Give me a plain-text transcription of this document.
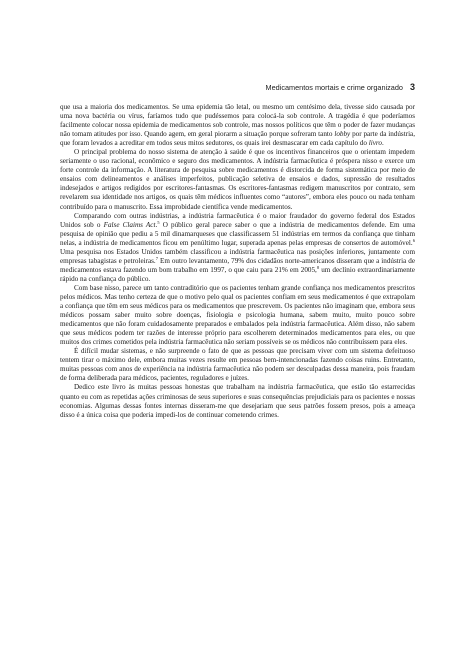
Medicamentos mortais e crime organizado 3

que usa a maioria dos medicamentos. Se uma epidemia tão letal, ou mesmo um centésimo dela, tivesse sido causada por uma nova bactéria ou vírus, faríamos tudo que pudéssemos para colocá-la sob controle. A tragédia é que poderíamos facilmente colocar nossa epidemia de medicamentos sob controle, mas nossos políticos que têm o poder de fazer mudanças não tomam atitudes por isso. Quando agem, em geral piorarm a situação porque sofreram tanto lobby por parte da indústria, que foram levados a acreditar em todos seus mitos sedutores, os quais irei desmascarar em cada capítulo do livro.

O principal problema do nosso sistema de atenção à saúde é que os incentivos financeiros que o orientam impedem seriamente o uso racional, econômico e seguro dos medicamentos. A indústria farmacêutica é próspera nisso e exerce um forte controle da informação. A literatura de pesquisa sobre medicamentos é distorcida de forma sistemática por meio de ensaios com delineamentos e análises imperfeitos, publicação seletiva de ensaios e dados, supressão de resultados indesejados e artigos redigidos por escritores-fantasmas. Os escritores-fantasmas redigem manuscritos por contrato, sem revelarem sua identidade nos artigos, os quais têm médicos influentes como “autores”, embora eles pouco ou nada tenham contribuído para o manuscrito. Essa improbidade científica vende medicamentos.

Comparando com outras indústrias, a indústria farmacêutica é o maior fraudador do governo federal dos Estados Unidos sob o False Claims Act.$^5$ O público geral parece saber o que a indústria de medicamentos defende. Em uma pesquisa de opinião que pediu a 5 mil dinamarqueses que classificassem 51 indústrias em termos da confiança que tinham nelas, a indústria de medicamentos ficou em penúltimo lugar, superada apenas pelas empresas de consertos de automóvel.$^6$ Uma pesquisa nos Estados Unidos também classificou a indústria farmacêutica nas posições inferiores, juntamente com empresas tabagistas e petroleiras.$^7$ Em outro levantamento, 79% dos cidadãos norte-americanos disseram que a indústria de medicamentos estava fazendo um bom trabalho em 1997, o que caiu para 21% em 2005,$^8$ um declínio extraordinariamente rápido na confiança do público.

Com base nisso, parece um tanto contraditório que os pacientes tenham grande confiança nos medicamentos prescritos pelos médicos. Mas tenho certeza de que o motivo pelo qual os pacientes confiam em seus medicamentos é que extrapolam a confiança que têm em seus médicos para os medicamentos que prescrevem. Os pacientes não imaginam que, embora seus médicos possam saber muito sobre doenças, fisiologia e psicologia humana, sabem muito, muito pouco sobre medicamentos que não foram cuidadosamente preparados e embalados pela indústria farmacêutica. Além disso, não sabem que seus médicos podem ter razões de interesse próprio para escolherem determinados medicamentos para eles, ou que muitos dos crimes cometidos pela indústria farmacêutica não seriam possíveis se os médicos não contribuíssem para eles.

É difícil mudar sistemas, e não surpreende o fato de que as pessoas que precisam viver com um sistema defeituoso tentem tirar o máximo dele, embora muitas vezes resulte em pessoas bem-intencionadas fazendo coisas ruins. Entretanto, muitas pessoas com anos de experiência na indústria farmacêutica não podem ser desculpadas dessa maneira, pois fraudam de forma deliberada para médicos, pacientes, reguladores e juízes.

Dedico este livro às muitas pessoas honestas que trabalham na indústria farmacêutica, que estão tão estarrecidas quanto eu com as repetidas ações criminosas de seus superiores e suas consequências prejudiciais para os pacientes e nossas economias. Algumas dessas fontes internas disseram-me que desejariam que seus patrões fossem presos, pois a ameaça disso é a única coisa que poderia impedi-los de continuar cometendo crimes.
